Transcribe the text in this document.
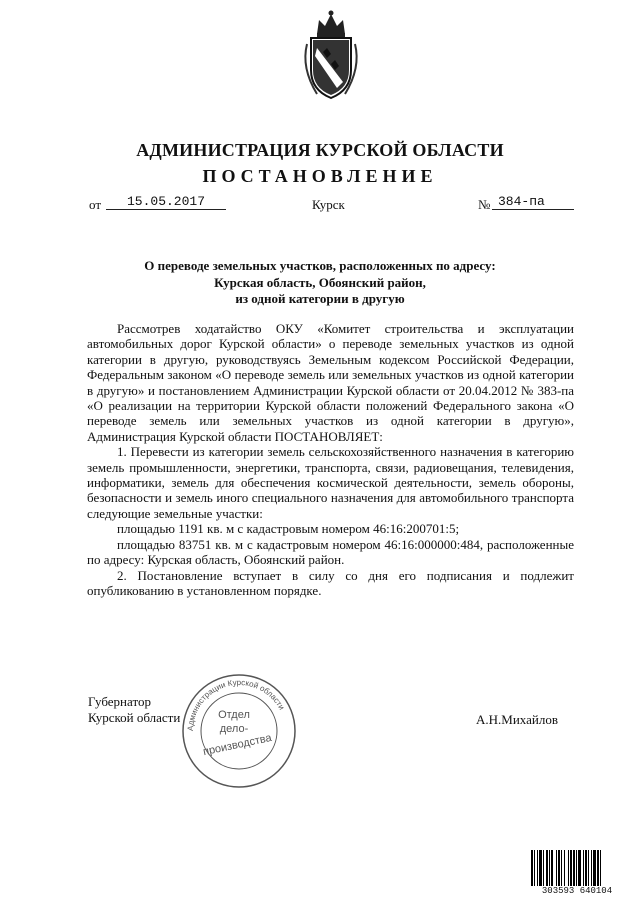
АДМИНИСТРАЦИЯ КУРСКОЙ ОБЛАСТИ
ПОСТАНОВЛЕНИЕ
от	15.05.2017	Курск	№ 384-па
О переводе земельных участков, расположенных по адресу:
Курская область, Обоянский район,
из одной категории в другую

Рассмотрев ходатайство ОКУ «Комитет строительства и эксплуатации автомобильных дорог Курской области» о переводе земельных участков из одной категории в другую, руководствуясь Земельным кодексом Российской Федерации, Федеральным законом «О переводе земель или земельных участков из одной категории в другую» и постановлением Администрации Курской области от 20.04.2012 № 383-па «О реализации на территории Курской области положений Федерального закона «О переводе земель или земельных участков из одной категории в другую», Администрация Курской области ПОСТАНОВЛЯЕТ:

1. Перевести из категории земель сельскохозяйственного назначения в категорию земель промышленности, энергетики, транспорта, связи, радиовещания, телевидения, информатики, земель для обеспечения космической деятельности, земель обороны, безопасности и земель иного специального назначения для автомобильного транспорта следующие земельные участки:

площадью 1191 кв. м с кадастровым номером 46:16:200701:5;

площадью 83751 кв. м с кадастровым номером 46:16:000000:484, расположенные по адресу: Курская область, Обоянский район.

2. Постановление вступает в силу со дня его подписания и подлежит опубликованию в установленном порядке.

Губернатор
Курской области
Администрации Курской области
Отдел
дело-
производства
А.Н.Михайлов
303593 640104
